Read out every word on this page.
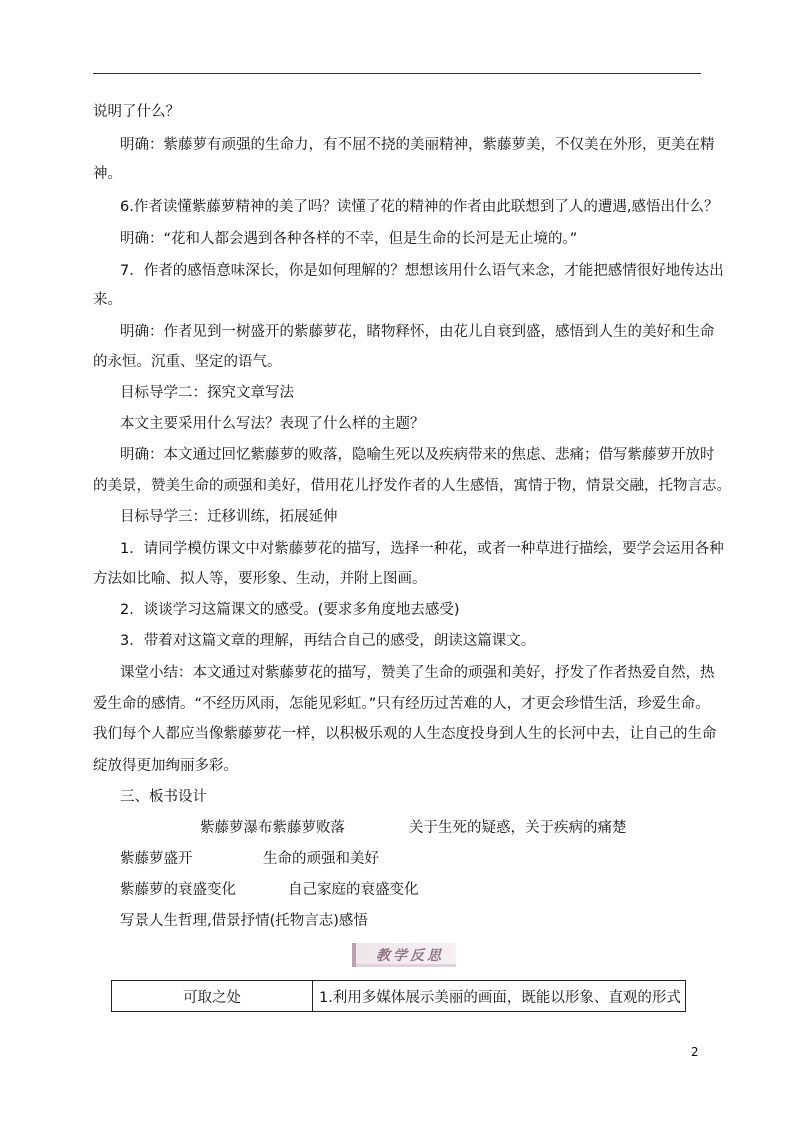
说明了什么？
明确：紫藤萝有顽强的生命力，有不屈不挠的美丽精神，紫藤萝美，不仅美在外形，更美在精
神。
6.作者读懂紫藤萝精神的美了吗？读懂了花的精神的作者由此联想到了人的遭遇,感悟出什么？
明确：“花和人都会遇到各种各样的不幸，但是生命的长河是无止境的。”
7．作者的感悟意味深长，你是如何理解的？想想该用什么语气来念，才能把感情很好地传达出
来。
明确：作者见到一树盛开的紫藤萝花，睹物释怀，由花儿自衰到盛，感悟到人生的美好和生命
的永恒。沉重、坚定的语气。
目标导学二：探究文章写法
本文主要采用什么写法？表现了什么样的主题？
明确：本文通过回忆紫藤萝的败落，隐喻生死以及疾病带来的焦虑、悲痛；借写紫藤萝开放时
的美景，赞美生命的顽强和美好，借用花儿抒发作者的人生感悟，寓情于物，情景交融，托物言志。
目标导学三：迁移训练，拓展延伸
1．请同学模仿课文中对紫藤萝花的描写，选择一种花，或者一种草进行描绘，要学会运用各种
方法如比喻、拟人等，要形象、生动，并附上图画。
2．谈谈学习这篇课文的感受。(要求多角度地去感受)
3．带着对这篇文章的理解，再结合自己的感受，朗读这篇课文。
课堂小结：本文通过对紫藤萝花的描写，赞美了生命的顽强和美好，抒发了作者热爱自然，热
爱生命的感情。“不经历风雨，怎能见彩虹。”只有经历过苦难的人，才更会珍惜生活，珍爱生命。
我们每个人都应当像紫藤萝花一样，以积极乐观的人生态度投身到人生的长河中去，让自己的生命
绽放得更加绚丽多彩。
三、板书设计
紫藤萝瀑布紫藤萝败落	关于生死的疑惑，关于疾病的痛楚
紫藤萝盛开	生命的顽强和美好
紫藤萝的衰盛变化	自己家庭的衰盛变化
写景人生哲理,借景抒情(托物言志)感悟
教学反思
可取之处	1.利用多媒体展示美丽的画面，既能以形象、直观的形式
2
